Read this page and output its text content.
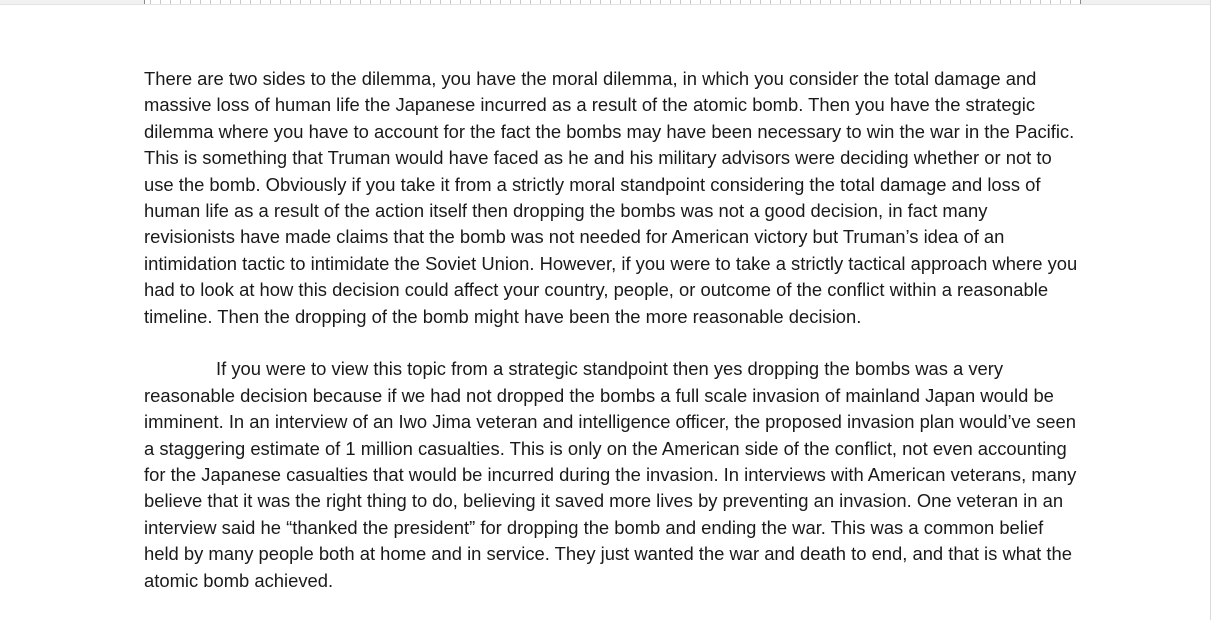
There are two sides to the dilemma, you have the moral dilemma, in which you consider the total damage and massive loss of human life the Japanese incurred as a result of the atomic bomb. Then you have the strategic dilemma where you have to account for the fact the bombs may have been necessary to win the war in the Pacific. This is something that Truman would have faced as he and his military advisors were deciding whether or not to use the bomb. Obviously if you take it from a strictly moral standpoint considering the total damage and loss of human life as a result of the action itself then dropping the bombs was not a good decision, in fact many revisionists have made claims that the bomb was not needed for American victory but Truman’s idea of an intimidation tactic to intimidate the Soviet Union. However, if you were to take a strictly tactical approach where you had to look at how this decision could affect your country, people, or outcome of the conflict within a reasonable timeline. Then the dropping of the bomb might have been the more reasonable decision.

If you were to view this topic from a strategic standpoint then yes dropping the bombs was a very reasonable decision because if we had not dropped the bombs a full scale invasion of mainland Japan would be imminent. In an interview of an Iwo Jima veteran and intelligence officer, the proposed invasion plan would’ve seen a staggering estimate of 1 million casualties. This is only on the American side of the conflict, not even accounting for the Japanese casualties that would be incurred during the invasion. In interviews with American veterans, many believe that it was the right thing to do, believing it saved more lives by preventing an invasion. One veteran in an interview said he “thanked the president” for dropping the bomb and ending the war. This was a common belief held by many people both at home and in service. They just wanted the war and death to end, and that is what the atomic bomb achieved.
